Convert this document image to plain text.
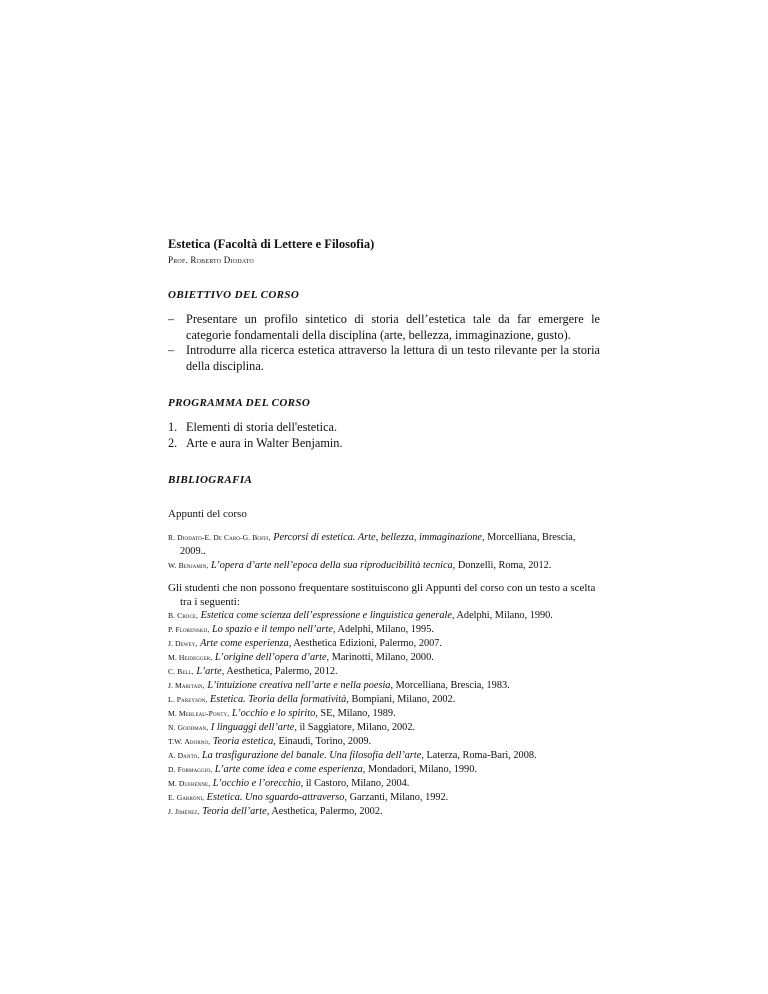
Estetica (Facoltà di Lettere e Filosofia)
Prof. Roberto Diodato
OBIETTIVO DEL CORSO
– Presentare un profilo sintetico di storia dell’estetica tale da far emergere le categorie fondamentali della disciplina (arte, bellezza, immaginazione, gusto).
– Introdurre alla ricerca estetica attraverso la lettura di un testo rilevante per la storia della disciplina.
PROGRAMMA DEL CORSO
1. Elementi di storia dell'estetica.
2. Arte e aura in Walter Benjamin.
BIBLIOGRAFIA
Appunti del corso
R. Diodato-E. De Caro-G. Boffi, Percorsi di estetica. Arte, bellezza, immaginazione, Morcelliana, Brescia, 2009..
W. Benjamin, L’opera d’arte nell’epoca della sua riproducibilità tecnica, Donzelli, Roma, 2012.
Gli studenti che non possono frequentare sostituiscono gli Appunti del corso con un testo a scelta tra i seguenti:
B. Croce, Estetica come scienza dell’espressione e linguistica generale, Adelphi, Milano, 1990.
P. Florenskij, Lo spazio e il tempo nell’arte, Adelphi, Milano, 1995.
J. Dewey, Arte come esperienza, Aesthetica Edizioni, Palermo, 2007.
M. Heidegger, L’origine dell’opera d’arte, Marinotti, Milano, 2000.
C. Bell, L’arte, Aesthetica, Palermo, 2012.
J. Maritain, L’intuizione creativa nell’arte e nella poesia, Morcelliana, Brescia, 1983.
L. Pareyson, Estetica. Teoria della formatività, Bompiani, Milano, 2002.
M. Merleau-Ponty, L’occhio e lo spirito, SE, Milano, 1989.
N. Goodman, I linguaggi dell’arte, il Saggiatore, Milano, 2002.
T.W. Adorno, Teoria estetica, Einaudi, Torino, 2009.
A. Danto, La trasfigurazione del banale. Una filosofia dell’arte, Laterza, Roma-Bari, 2008.
D. Formaggio, L’arte come idea e come esperienza, Mondadori, Milano, 1990.
M. Dufrenne, L’occhio e l’orecchio, il Castoro, Milano, 2004.
E. Garroni, Estetica. Uno sguardo-attraverso, Garzanti, Milano, 1992.
J. Jiménez, Teoria dell’arte, Aesthetica, Palermo, 2002.
